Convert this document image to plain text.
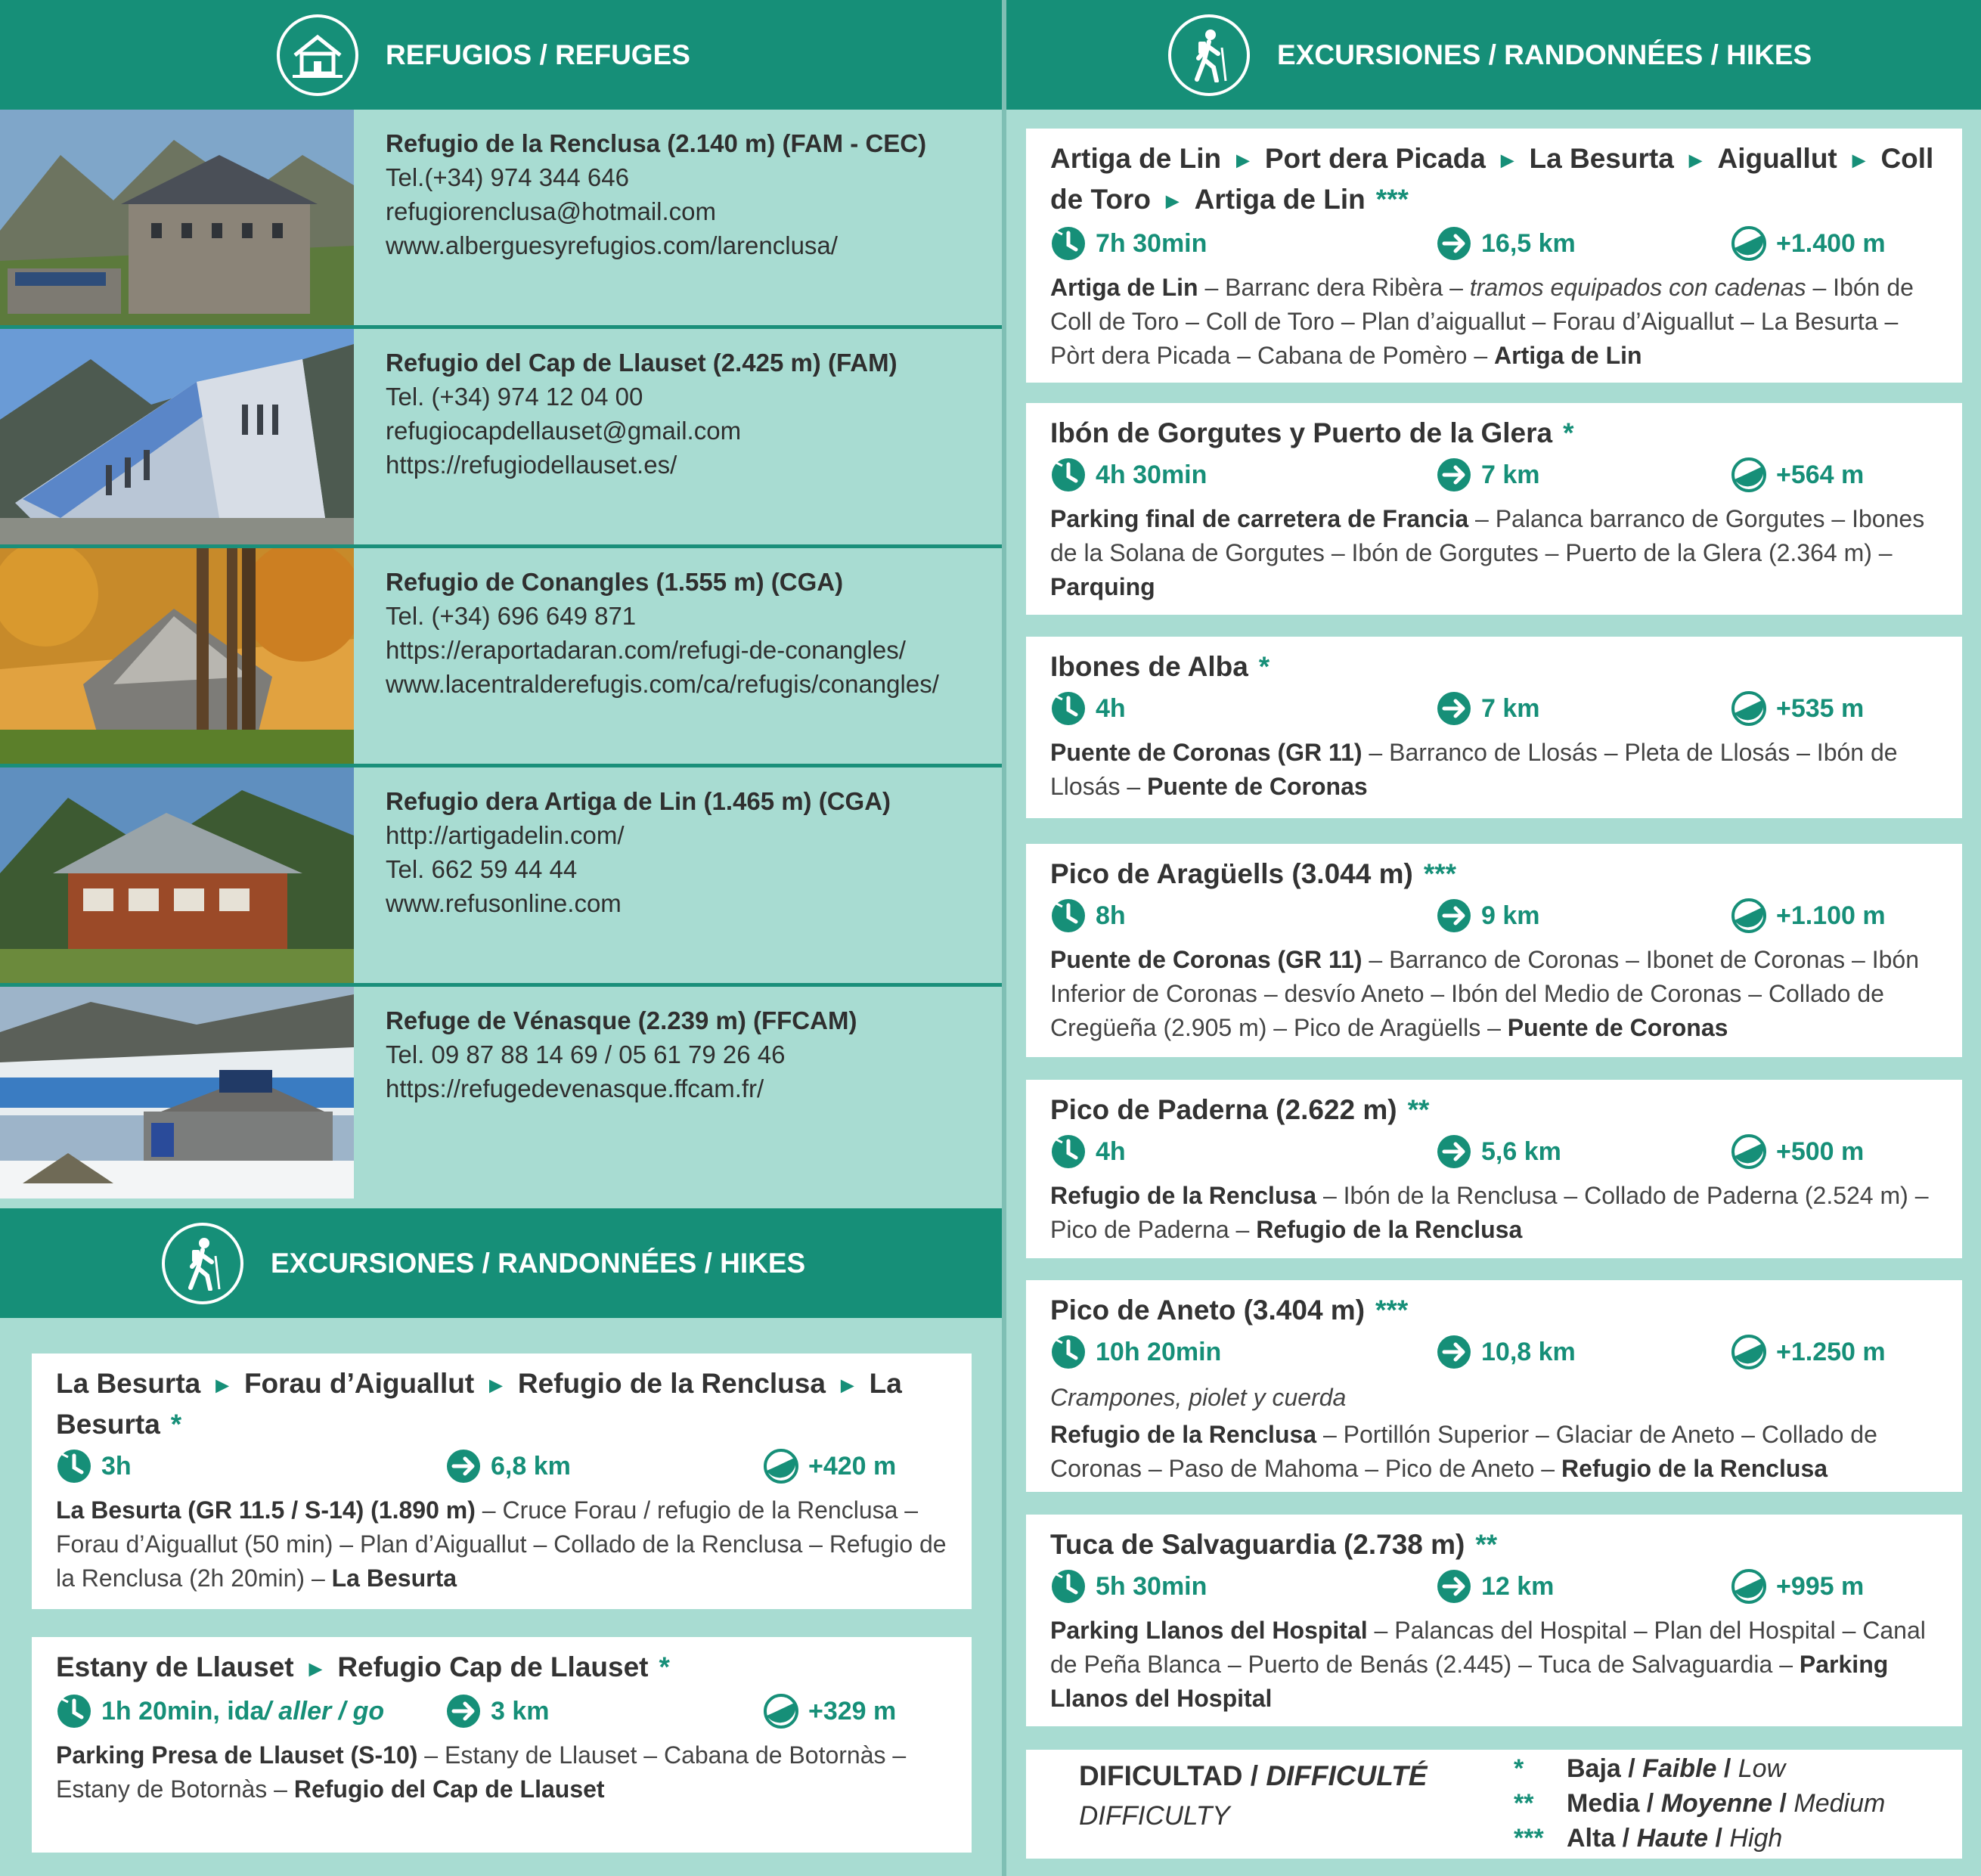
REFUGIOS / REFUGES
Refugio de la Renclusa (2.140 m) (FAM - CEC)
Tel.(+34) 974 344 646
refugiorenclusa@hotmail.com
www.alberguesyrefugios.com/larenclusa/
Refugio del Cap de Llauset (2.425 m) (FAM)
Tel. (+34) 974 12 04 00
refugiocapdellauset@gmail.com
https://refugiodellauset.es/
Refugio de Conangles (1.555 m) (CGA)
Tel. (+34) 696 649 871
https://eraportadaran.com/refugi-de-conangles/
www.lacentralderefugis.com/ca/refugis/conangles/
Refugio dera Artiga de Lin (1.465 m) (CGA)
http://artigadelin.com/
Tel. 662 59 44 44
www.refusonline.com
Refuge de Vénasque (2.239 m) (FFCAM)
Tel. 09 87 88 14 69 / 05 61 79 26 46
https://refugedevenasque.ffcam.fr/
EXCURSIONES / RANDONNÉES / HIKES
EXCURSIONES / RANDONNÉES / HIKES
La Besurta ► Forau d’Aiguallut ► Refugio de la Renclusa ► La Besurta *
3h	6,8 km	+420 m
La Besurta (GR 11.5 / S-14) (1.890 m) – Cruce Forau / refugio de la Renclusa – Forau d’Aiguallut (50 min) – Plan d’Aiguallut – Collado de la Renclusa – Refugio de la Renclusa (2h 20min) – La Besurta
Estany de Llauset ► Refugio Cap de Llauset *
1h 20min, ida / aller / go	3 km	+329 m
Parking Presa de Llauset (S-10) – Estany de Llauset – Cabana de Botornàs – Estany de Botornàs – Refugio del Cap de Llauset
Artiga de Lin ► Port dera Picada ► La Besurta ► Aiguallut ► Coll de Toro ► Artiga de Lin ***
7h 30min	16,5 km	+1.400 m
Artiga de Lin – Barranc dera Ribèra – tramos equipados con cadenas – Ibón de Coll de Toro – Coll de Toro – Plan d’aiguallut – Forau d’Aiguallut – La Besurta – Pòrt dera Picada – Cabana de Pomèro – Artiga de Lin
Ibón de Gorgutes y Puerto de la Glera *
4h 30min	7 km	+564 m
Parking final de carretera de Francia – Palanca barranco de Gorgutes – Ibones de la Solana de Gorgutes – Ibón de Gorgutes – Puerto de la Glera (2.364 m) – Parquing
Ibones de Alba *
4h	7 km	+535 m
Puente de Coronas (GR 11) – Barranco de Llosás – Pleta de Llosás – Ibón de Llosás – Puente de Coronas
Pico de Aragüells (3.044 m) ***
8h	9 km	+1.100 m
Puente de Coronas (GR 11) – Barranco de Coronas – Ibonet de Coronas – Ibón Inferior de Coronas – desvío Aneto – Ibón del Medio de Coronas – Collado de Cregüeña (2.905 m) – Pico de Aragüells – Puente de Coronas
Pico de Paderna (2.622 m) **
4h	5,6 km	+500 m
Refugio de la Renclusa – Ibón de la Renclusa – Collado de Paderna (2.524 m) – Pico de Paderna – Refugio de la Renclusa
Pico de Aneto (3.404 m) ***
10h 20min	10,8 km	+1.250 m
Crampones, piolet y cuerda
Refugio de la Renclusa – Portillón Superior – Glaciar de Aneto – Collado de Coronas – Paso de Mahoma – Pico de Aneto – Refugio de la Renclusa
Tuca de Salvaguardia (2.738 m) **
5h 30min	12 km	+995 m
Parking Llanos del Hospital – Palancas del Hospital – Plan del Hospital – Canal de Peña Blanca – Puerto de Benás (2.445) – Tuca de Salvaguardia – Parking Llanos del Hospital
DIFICULTAD / DIFFICULTÉ
DIFFICULTY
* Baja / Faible / Low
** Media / Moyenne / Medium
*** Alta / Haute / High
